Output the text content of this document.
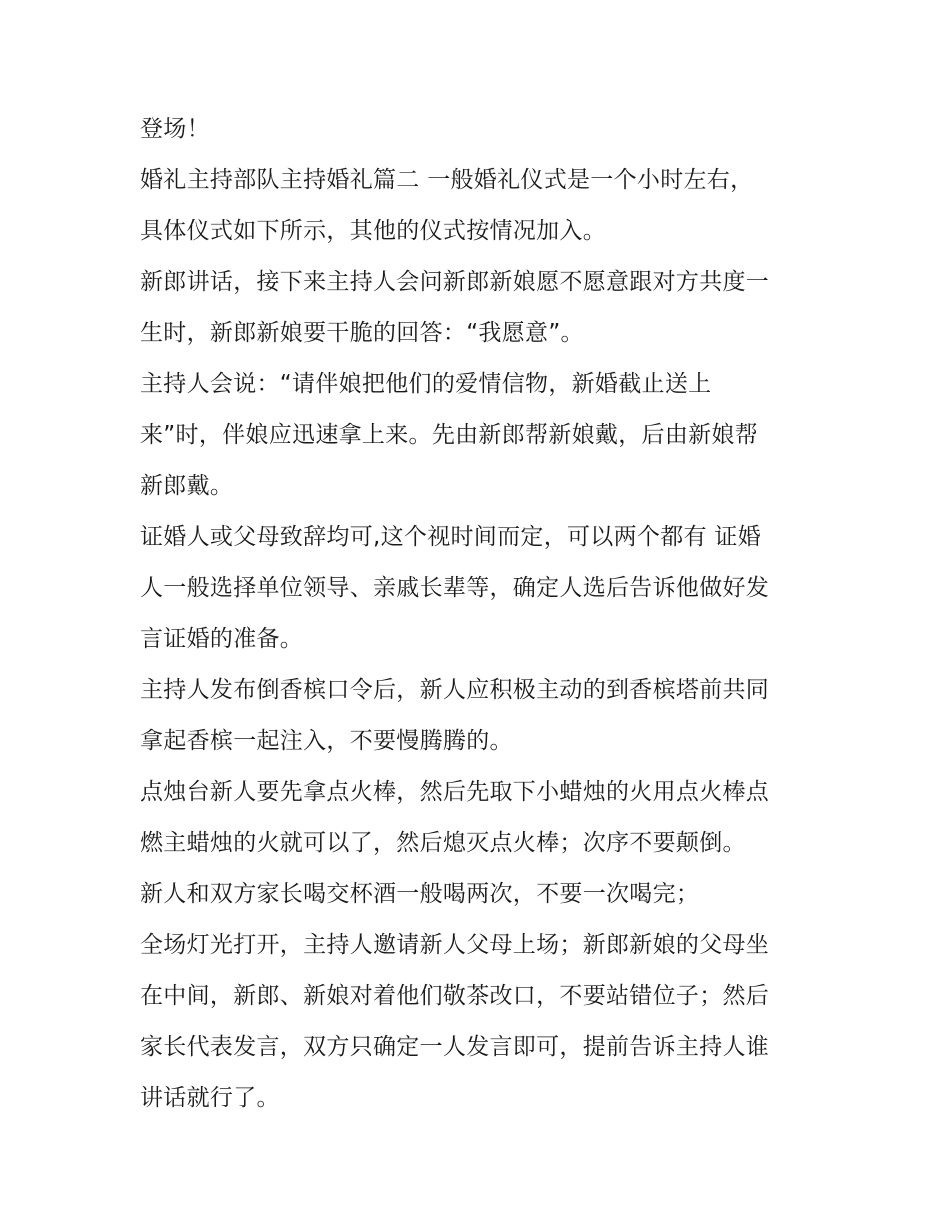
登场！
婚礼主持部队主持婚礼篇二 一般婚礼仪式是一个小时左右，
具体仪式如下所示，其他的仪式按情况加入。
新郎讲话，接下来主持人会问新郎新娘愿不愿意跟对方共度一
生时，新郎新娘要干脆的回答：“我愿意”。
主持人会说：“请伴娘把他们的爱情信物，新婚截止送上
来”时，伴娘应迅速拿上来。先由新郎帮新娘戴，后由新娘帮
新郎戴。
证婚人或父母致辞均可,这个视时间而定，可以两个都有 证婚
人一般选择单位领导、亲戚长辈等，确定人选后告诉他做好发
言证婚的准备。
主持人发布倒香槟口令后，新人应积极主动的到香槟塔前共同
拿起香槟一起注入，不要慢腾腾的。
点烛台新人要先拿点火棒，然后先取下小蜡烛的火用点火棒点
燃主蜡烛的火就可以了，然后熄灭点火棒；次序不要颠倒。
新人和双方家长喝交杯酒一般喝两次，不要一次喝完；
全场灯光打开，主持人邀请新人父母上场；新郎新娘的父母坐
在中间，新郎、新娘对着他们敬茶改口，不要站错位子；然后
家长代表发言，双方只确定一人发言即可，提前告诉主持人谁
讲话就行了。
